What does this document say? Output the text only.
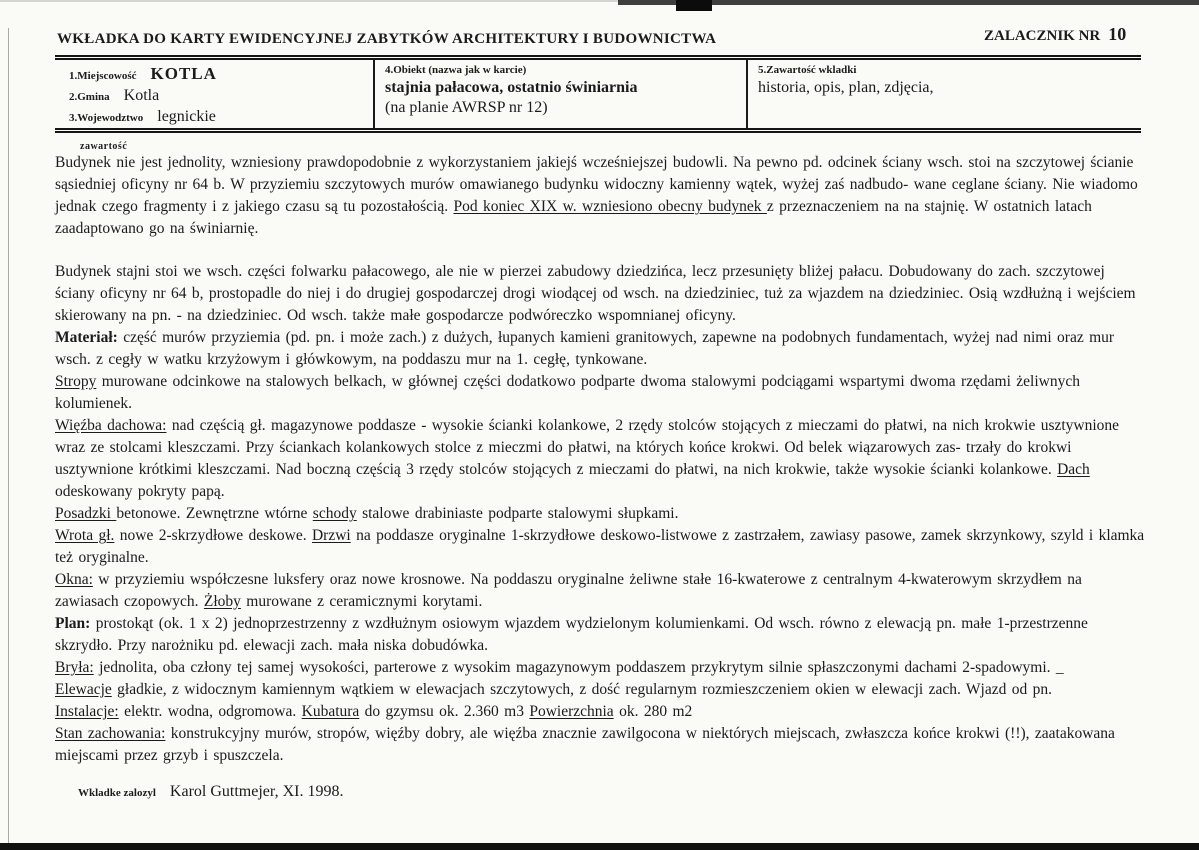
WKŁADKA DO KARTY EWIDENCYJNEJ ZABYTKÓW ARCHITEKTURY I BUDOWNICTWA	ZALACZNIK NR 10
1.Miejscowość KOTLA
2.Gmina Kotla
3.Wojewodztwo legnickie
4.Obiekt (nazwa jak w karcie)
stajnia pałacowa, ostatnio świniarnia
(na planie AWRSP nr 12)
5.Zawartość wkladki
historia, opis, plan, zdjęcia,
zawartość

Budynek nie jest jednolity, wzniesiony prawdopodobnie z wykorzystaniem jakiejś wcześniejszej budowli. Na pewno pd. odcinek ściany wsch. stoi na szczytowej ścianie sąsiedniej oficyny nr 64 b. W przyziemiu szczytowych murów omawianego budynku widoczny kamienny wątek, wyżej zaś nadbudo- wane ceglane ściany. Nie wiadomo jednak czego fragmenty i z jakiego czasu są tu pozostałością. Pod koniec XIX w. wzniesiono obecny budynek z przeznaczeniem na na stajnię. W ostatnich latach zaadaptowano go na świniarnię.

Budynek stajni stoi we wsch. części folwarku pałacowego, ale nie w pierzei zabudowy dziedzińca, lecz przesunięty bliżej pałacu. Dobudowany do zach. szczytowej ściany oficyny nr 64 b, prostopadle do niej i do drugiej gospodarczej drogi wiodącej od wsch. na dziedziniec, tuż za wjazdem na dziedziniec. Osią wzdłużną i wejściem skierowany na pn. - na dziedziniec. Od wsch. także małe gospodarcze podwóreczko wspomnianej oficyny.

Materiał: część murów przyziemia (pd. pn. i może zach.) z dużych, łupanych kamieni granitowych, zapewne na podobnych fundamentach, wyżej nad nimi oraz mur wsch. z cegły w watku krzyżowym i główkowym, na poddaszu mur na 1. cegłę, tynkowane.

Stropy murowane odcinkowe na stalowych belkach, w głównej części dodatkowo podparte dwoma stalowymi podciągami wspartymi dwoma rzędami żeliwnych kolumienek.

Więźba dachowa: nad częścią gł. magazynowe poddasze - wysokie ścianki kolankowe, 2 rzędy stolców stojących z mieczami do płatwi, na nich krokwie usztywnione wraz ze stolcami kleszczami. Przy ściankach kolankowych stolce z mieczmi do płatwi, na których końce krokwi. Od belek wiązarowych zas- trzały do krokwi usztywnione krótkimi kleszczami. Nad boczną częścią 3 rzędy stolców stojących z mieczami do płatwi, na nich krokwie, także wysokie ścianki kolankowe. Dach odeskowany pokryty papą.

Posadzki betonowe. Zewnętrzne wtórne schody stalowe drabiniaste podparte stalowymi słupkami.

Wrota gł. nowe 2-skrzydłowe deskowe. Drzwi na poddasze oryginalne 1-skrzydłowe deskowo-listwowe z zastrzałem, zawiasy pasowe, zamek skrzynkowy, szyld i klamka też oryginalne.

Okna: w przyziemiu współczesne luksfery oraz nowe krosnowe. Na poddaszu oryginalne żeliwne stałe 16-kwaterowe z centralnym 4-kwaterowym skrzydłem na zawiasach czopowych. Żłoby murowane z ceramicznymi korytami.

Plan: prostokąt (ok. 1 x 2) jednoprzestrzenny z wzdłużnym osiowym wjazdem wydzielonym kolumienkami. Od wsch. równo z elewacją pn. małe 1-przestrzenne skzrydło. Przy narożniku pd. elewacji zach. mała niska dobudówka.

Bryła: jednolita, oba człony tej samej wysokości, parterowe z wysokim magazynowym poddaszem przykrytym silnie spłaszczonymi dachami 2-spadowymi. _

Elewacje gładkie, z widocznym kamiennym wątkiem w elewacjach szczytowych, z dość regularnym rozmieszczeniem okien w elewacji zach. Wjazd od pn.

Instalacje: elektr. wodna, odgromowa. Kubatura do gzymsu ok. 2.360 m3 Powierzchnia ok. 280 m2

Stan zachowania: konstrukcyjny murów, stropów, więźby dobry, ale więźba znacznie zawilgocona w niektórych miejscach, zwłaszcza końce krokwi (!!), zaatakowana miejscami przez grzyb i spuszczela.

Wkladke zalozyl Karol Guttmejer, XI. 1998.
